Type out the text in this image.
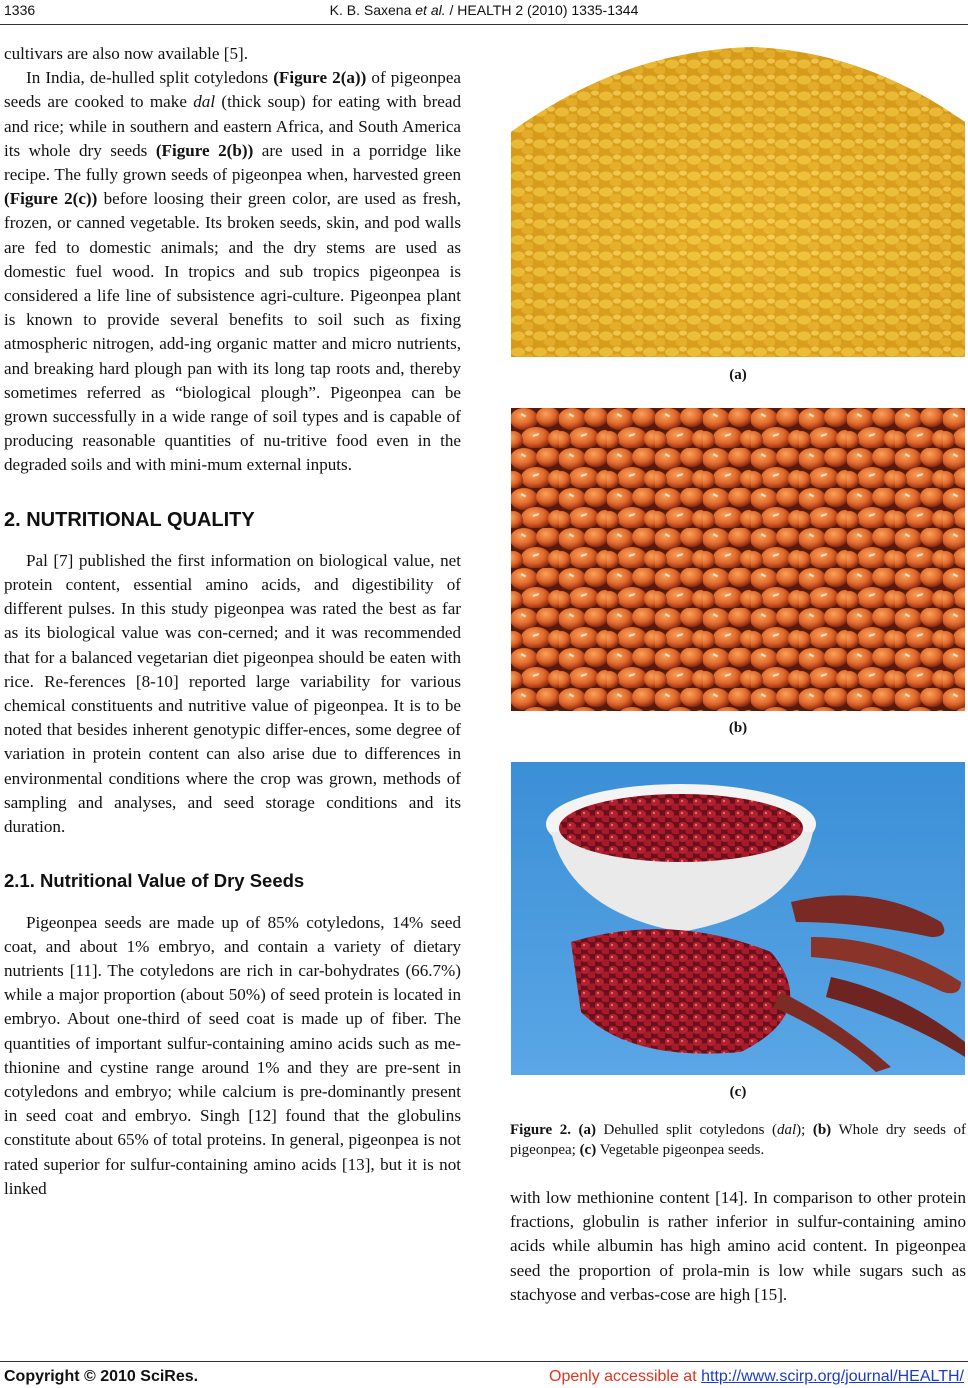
1336	K. B. Saxena et al. / HEALTH 2 (2010) 1335-1344

cultivars are also now available [5].

In India, de-hulled split cotyledons (Figure 2(a)) of pigeonpea seeds are cooked to make dal (thick soup) for eating with bread and rice; while in southern and eastern Africa, and South America its whole dry seeds (Figure 2(b)) are used in a porridge like recipe. The fully grown seeds of pigeonpea when, harvested green (Figure 2(c)) before loosing their green color, are used as fresh, frozen, or canned vegetable. Its broken seeds, skin, and pod walls are fed to domestic animals; and the dry stems are used as domestic fuel wood. In tropics and sub tropics pigeonpea is considered a life line of subsistence agri-culture. Pigeonpea plant is known to provide several benefits to soil such as fixing atmospheric nitrogen, add-ing organic matter and micro nutrients, and breaking hard plough pan with its long tap roots and, thereby sometimes referred as “biological plough”. Pigeonpea can be grown successfully in a wide range of soil types and is capable of producing reasonable quantities of nu-tritive food even in the degraded soils and with mini-mum external inputs.

2. NUTRITIONAL QUALITY

Pal [7] published the first information on biological value, net protein content, essential amino acids, and digestibility of different pulses. In this study pigeonpea was rated the best as far as its biological value was con-cerned; and it was recommended that for a balanced vegetarian diet pigeonpea should be eaten with rice. Re-ferences [8-10] reported large variability for various chemical constituents and nutritive value of pigeonpea. It is to be noted that besides inherent genotypic differ-ences, some degree of variation in protein content can also arise due to differences in environmental conditions where the crop was grown, methods of sampling and analyses, and seed storage conditions and its duration.

2.1. Nutritional Value of Dry Seeds

Pigeonpea seeds are made up of 85% cotyledons, 14% seed coat, and about 1% embryo, and contain a variety of dietary nutrients [11]. The cotyledons are rich in car-bohydrates (66.7%) while a major proportion (about 50%) of seed protein is located in embryo. About one-third of seed coat is made up of fiber. The quantities of important sulfur-containing amino acids such as me-thionine and cystine range around 1% and they are pre-sent in cotyledons and embryo; while calcium is pre-dominantly present in seed coat and embryo. Singh [12] found that the globulins constitute about 65% of total proteins. In general, pigeonpea is not rated superior for sulfur-containing amino acids [13], but it is not linked

(a)
(b)
(c)
Figure 2. (a) Dehulled split cotyledons (dal); (b) Whole dry seeds of pigeonpea; (c) Vegetable pigeonpea seeds.

with low methionine content [14]. In comparison to other protein fractions, globulin is rather inferior in sulfur-containing amino acids while albumin has high amino acid content. In pigeonpea seed the proportion of prola-min is low while sugars such as stachyose and verbas-cose are high [15].

Copyright © 2010 SciRes.	Openly accessible at http://www.scirp.org/journal/HEALTH/
